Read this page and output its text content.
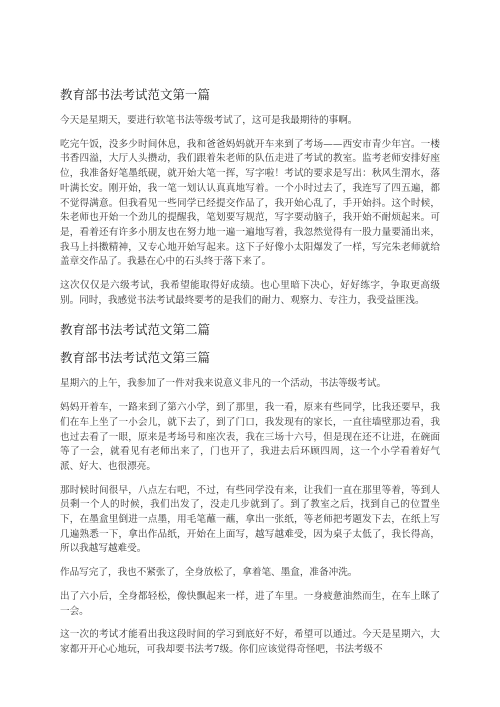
教育部书法考试范文第一篇

今天是星期天，要进行软笔书法等级考试了，这可是我最期待的事啊。

吃完午饭，没多少时间休息，我和爸爸妈妈就开车来到了考场——西安市青少年宫。一楼书香四溢，大厅人头攒动，我们跟着朱老师的队伍走进了考试的教室。监考老师安排好座位，我准备好笔墨纸砚，就开始大笔一挥，写字啦！考试的要求是写出：秋风生渭水，落叶满长安。刚开始，我一笔一划认认真真地写着。一个小时过去了，我连写了四五遍，都不觉得满意。但我看见一些同学已经提交作品了，我开始心乱了，手开始抖。这个时候，朱老师也开始一个劲儿的提醒我，笔划要写规范，写字要动脑子，我开始不耐烦起来。可是，看着还有许多小朋友也在努力地一遍一遍地写着，我忽然觉得有一股力量要涌出来，我马上抖擞精神，又专心地开始写起来。这下子好像小太阳爆发了一样，写完朱老师就给盖章交作品了。我悬在心中的石头终于落下来了。

这次仅仅是六级考试，我希望能取得好成绩。也心里暗下决心，好好练字，争取更高级别。同时，我感觉书法考试最终要考的是我们的耐力、观察力、专注力，我受益匪浅。

教育部书法考试范文第二篇
教育部书法考试范文第三篇

星期六的上午，我参加了一件对我来说意义非凡的一个活动，书法等级考试。

妈妈开着车，一路来到了第六小学，到了那里，我一看，原来有些同学，比我还要早，我们在车上坐了一小会儿，就下去了，到了门口，我发现有的家长，一直往墙壁那边看，我也过去看了一眼，原来是考场号和座次表，我在三场十六号，但是现在还不让进，在碗面等了一会，就看见有老师出来了，门也开了，我进去后环顾四周，这一个小学看着好气派、好大、也很漂亮。

那时候时间很早，八点左右吧，不过，有些同学没有来，让我们一直在那里等着，等到人员剩一个人的时候，我们出发了，没走几步就到了。到了教室之后，找到自己的位置坐下，在墨盒里倒进一点墨，用毛笔蘸一蘸，拿出一张纸，等老师把考题发下去，在纸上写几遍熟悉一下，拿出作品纸，开始在上面写，越写越难受，因为桌子太低了，我长得高，所以我越写越难受。

作品写完了，我也不紧张了，全身放松了，拿着笔、墨盒，准备冲洗。

出了六小后，全身都轻松，像快飘起来一样，进了车里。一身疲惫油然而生，在车上眯了一会。

这一次的考试才能看出我这段时间的学习到底好不好，希望可以通过。今天是星期六，大家都开开心心地玩，可我却要书法考7级。你们应该觉得奇怪吧，书法考级不
